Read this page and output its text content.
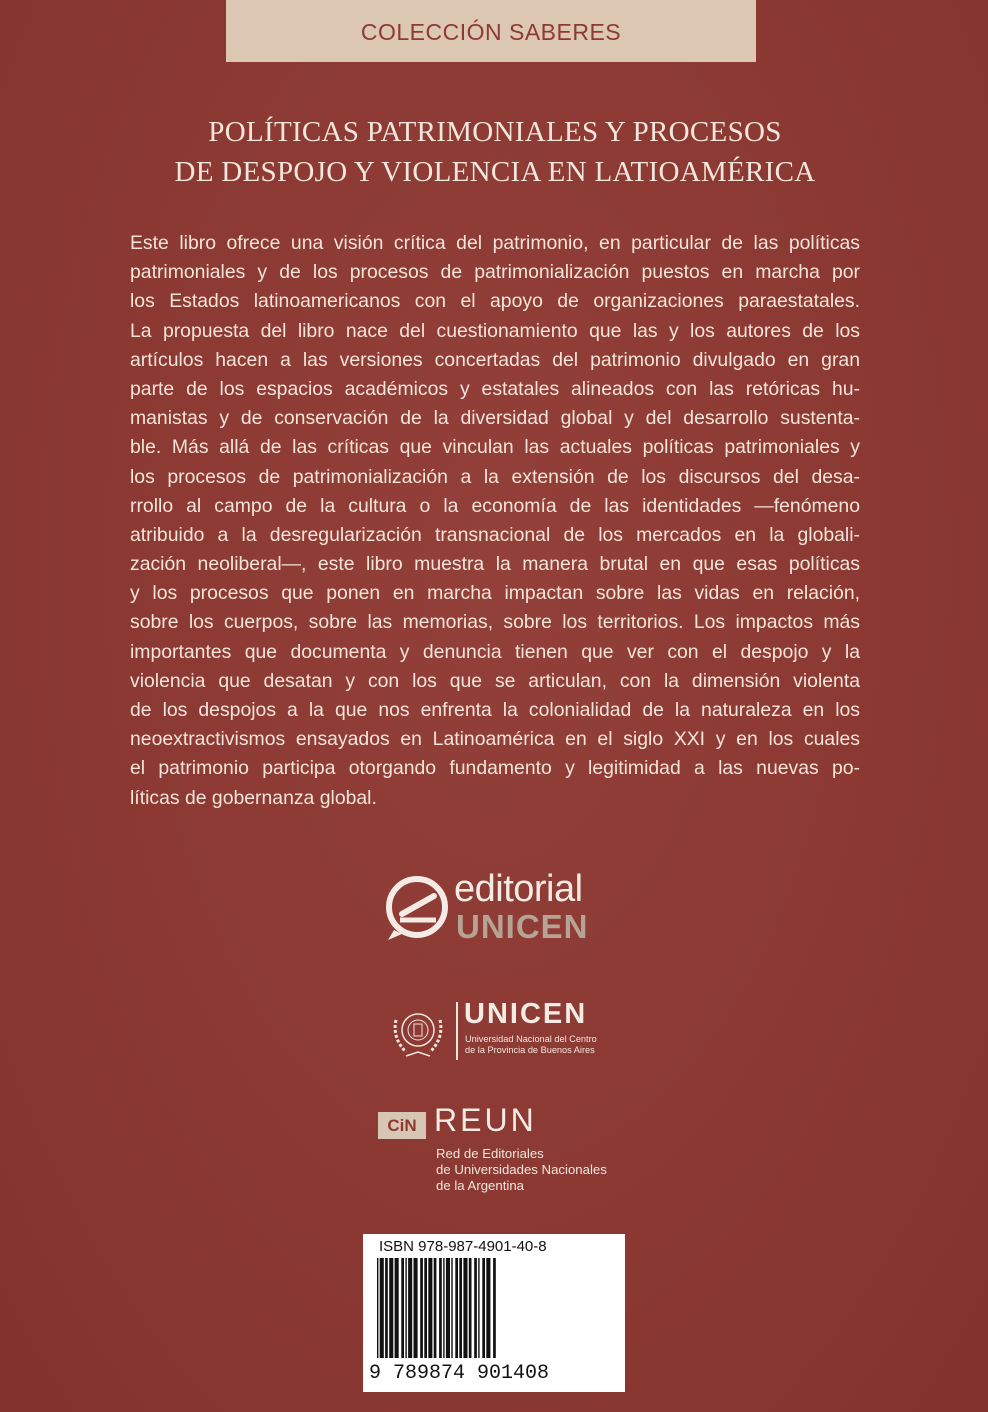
COLECCIÓN SABERES
POLÍTICAS PATRIMONIALES Y PROCESOS
DE DESPOJO Y VIOLENCIA EN LATIOAMÉRICA
Este libro ofrece una visión crítica del patrimonio, en particular de las políticas
patrimoniales y de los procesos de patrimonialización puestos en marcha por
los Estados latinoamericanos con el apoyo de organizaciones paraestatales.
La propuesta del libro nace del cuestionamiento que las y los autores de los
artículos hacen a las versiones concertadas del patrimonio divulgado en gran
parte de los espacios académicos y estatales alineados con las retóricas hu-
manistas y de conservación de la diversidad global y del desarrollo sustenta-
ble. Más allá de las críticas que vinculan las actuales políticas patrimoniales y
los procesos de patrimonialización a la extensión de los discursos del desa-
rrollo al campo de la cultura o la economía de las identidades —fenómeno
atribuido a la desregularización transnacional de los mercados en la globali-
zación neoliberal—, este libro muestra la manera brutal en que esas políticas
y los procesos que ponen en marcha impactan sobre las vidas en relación,
sobre los cuerpos, sobre las memorias, sobre los territorios. Los impactos más
importantes que documenta y denuncia tienen que ver con el despojo y la
violencia que desatan y con los que se articulan, con la dimensión violenta
de los despojos a la que nos enfrenta la colonialidad de la naturaleza en los
neoextractivismos ensayados en Latinoamérica en el siglo XXI y en los cuales
el patrimonio participa otorgando fundamento y legitimidad a las nuevas po-
líticas de gobernanza global.
editorial
UNICEN
UNICEN
Universidad Nacional del Centro
de la Provincia de Buenos Aires
CiN REUN
Red de Editoriales
de Universidades Nacionales
de la Argentina
ISBN 978-987-4901-40-8
9 789874 901408
